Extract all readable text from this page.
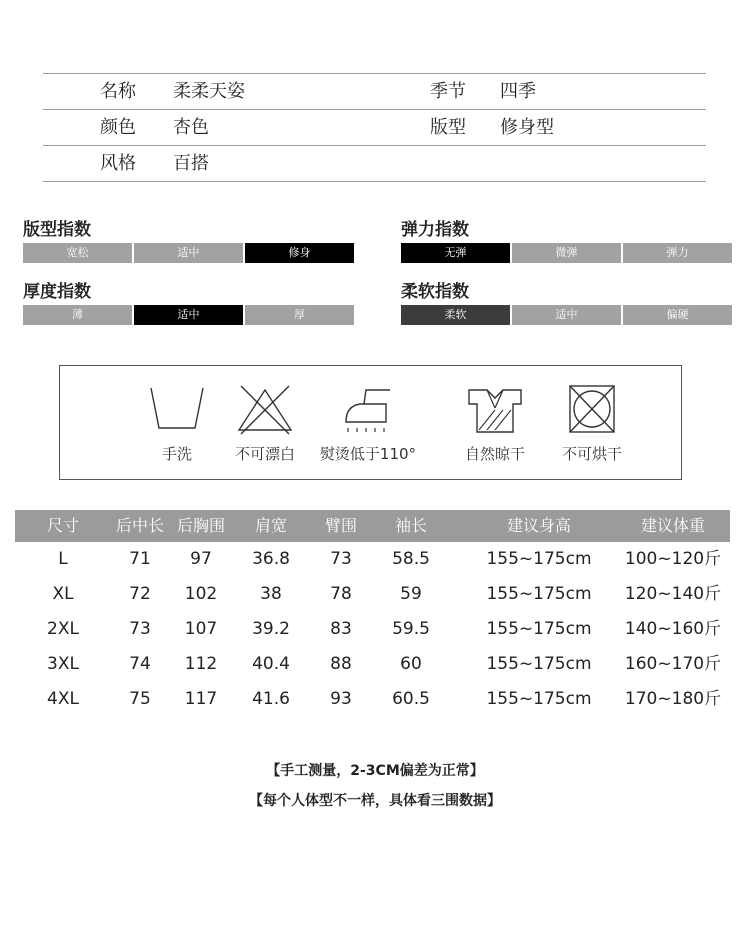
名称 柔柔天姿	季节 四季
颜色 杏色	版型 修身型
风格 百搭
版型指数
宽松	适中	修身
弹力指数
无弹	微弹	弹力
厚度指数
薄	适中	厚
柔软指数
柔软	适中	偏硬
手洗	不可漂白	熨烫低于110°	自然晾干	不可烘干
尺寸 后中长 后胸围 肩宽 臂围 袖长	建议身高	建议体重
L	71 97 36.8 73 58.5	155~175cm 100~120斤
XL	72 102	38	78	59	155~175cm 120~140斤
2XL	73 107 39.2 83 59.5	155~175cm 140~160斤
3XL	74 112 40.4 88	60	155~175cm 160~170斤
4XL	75 117 41.6 93 60.5	155~175cm 170~180斤
【手工测量，2-3CM偏差为正常】
【每个人体型不一样，具体看三围数据】
